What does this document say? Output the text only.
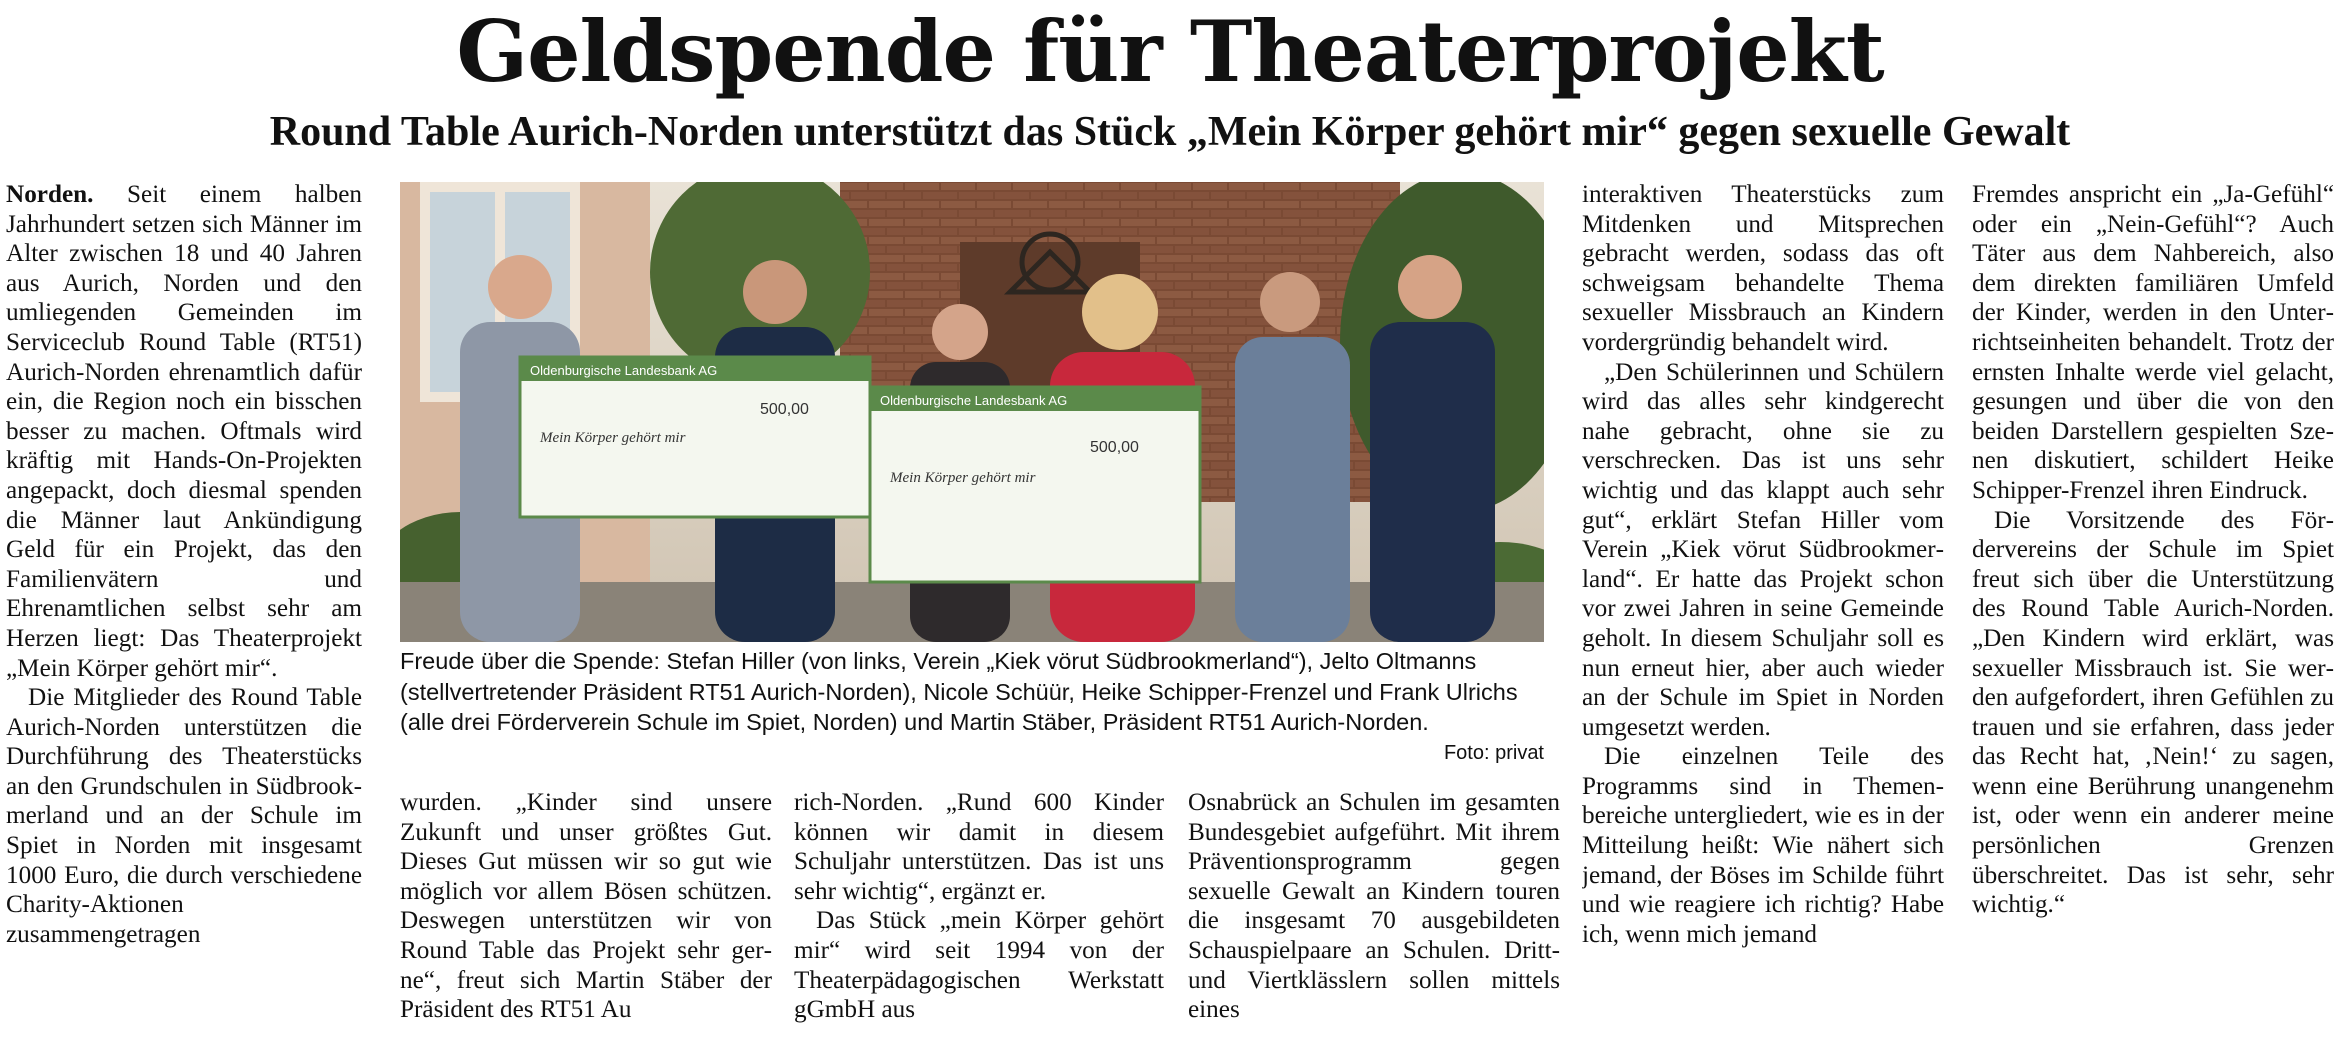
Geldspende für Theaterprojekt
Round Table Aurich-Norden unterstützt das Stück „Mein Körper gehört mir“ gegen sexuelle Gewalt

Norden. Seit einem halben Jahrhundert setzen sich Männer im Alter zwischen 18 und 40 Jahren aus Aurich, Norden und den umliegenden Gemeinden im Serviceclub Round Table (RT51) Aurich-Norden ehrenamtlich dafür ein, die Region noch ein bisschen besser zu machen. Oftmals wird kräftig mit Hands-On-Projekten angepackt, doch diesmal spenden die Männer laut Ankündigung Geld für ein Projekt, das den Familienvätern und Ehrenamtlichen selbst sehr am Herzen liegt: Das Theaterprojekt „Mein Körper gehört mir“.

Die Mitglieder des Round Table Aurich-Norden unterstützen die Durchführung des Theaterstücks an den Grundschulen in Südbrookmerland und an der Schule im Spiet in Norden mit insgesamt 1000 Euro, die durch verschiedene Charity-Aktionen zusammengetragen

Oldenburgische Landesbank AG
Mein Körper gehört mir
500,00
Oldenburgische Landesbank AG
Mein Körper gehört mir
500,00

Freude über die Spende: Stefan Hiller (von links, Verein „Kiek vörut Südbrookmerland“), Jelto Oltmanns (stellvertretender Präsident RT51 Aurich-Norden), Nicole Schüür, Heike Schipper-Frenzel und Frank Ulrichs (alle drei Förderverein Schule im Spiet, Norden) und Martin Stäber, Präsident RT51 Aurich-Norden.

Foto: privat

wurden. „Kinder sind unsere Zukunft und unser größtes Gut. Dieses Gut müssen wir so gut wie möglich vor allem Bösen schützen. Deswegen unterstützen wir von Round Table das Projekt sehr gerne“, freut sich Martin Stäber der Präsident des RT51 Au

rich-Norden. „Rund 600 Kinder können wir damit in diesem Schuljahr unterstützen. Das ist uns sehr wichtig“, ergänzt er.

Das Stück „mein Körper gehört mir“ wird seit 1994 von der Theaterpädagogischen Werkstatt gGmbH aus

Osnabrück an Schulen im gesamten Bundesgebiet aufgeführt. Mit ihrem Präventionsprogramm gegen sexuelle Gewalt an Kindern touren die insgesamt 70 ausgebildeten Schauspielpaare an Schulen. Dritt- und Viertklässlern sollen mittels eines

interaktiven Theaterstücks zum Mitdenken und Mitsprechen gebracht werden, sodass das oft schweigsam behandelte Thema sexueller Missbrauch an Kindern vordergründig behandelt wird.

„Den Schülerinnen und Schülern wird das alles sehr kindgerecht nahe gebracht, ohne sie zu verschrecken. Das ist uns sehr wichtig und das klappt auch sehr gut“, erklärt Stefan Hiller vom Verein „Kiek vörut Südbrookmerland“. Er hatte das Projekt schon vor zwei Jahren in seine Gemeinde geholt. In diesem Schuljahr soll es nun erneut hier, aber auch wieder an der Schule im Spiet in Norden umgesetzt werden.

Die einzelnen Teile des Programms sind in Themenbereiche untergliedert, wie es in der Mitteilung heißt: Wie nähert sich jemand, der Böses im Schilde führt und wie reagiere ich richtig? Habe ich, wenn mich jemand

Fremdes anspricht ein „Ja-Gefühl“ oder ein „Nein-Gefühl“? Auch Täter aus dem Nahbereich, also dem direkten familiären Umfeld der Kinder, werden in den Unterrichtseinheiten behandelt. Trotz der ernsten Inhalte werde viel gelacht, gesungen und über die von den beiden Darstellern gespielten Szenen diskutiert, schildert Heike Schipper-Frenzel ihren Eindruck.

Die Vorsitzende des Fördervereins der Schule im Spiet freut sich über die Unterstützung des Round Table Aurich-Norden. „Den Kindern wird erklärt, was sexueller Missbrauch ist. Sie werden aufgefordert, ihren Gefühlen zu trauen und sie erfahren, dass jeder das Recht hat, ‚Nein!‘ zu sagen, wenn eine Berührung unangenehm ist, oder wenn ein anderer meine persönlichen Grenzen überschreitet. Das ist sehr, sehr wichtig.“
